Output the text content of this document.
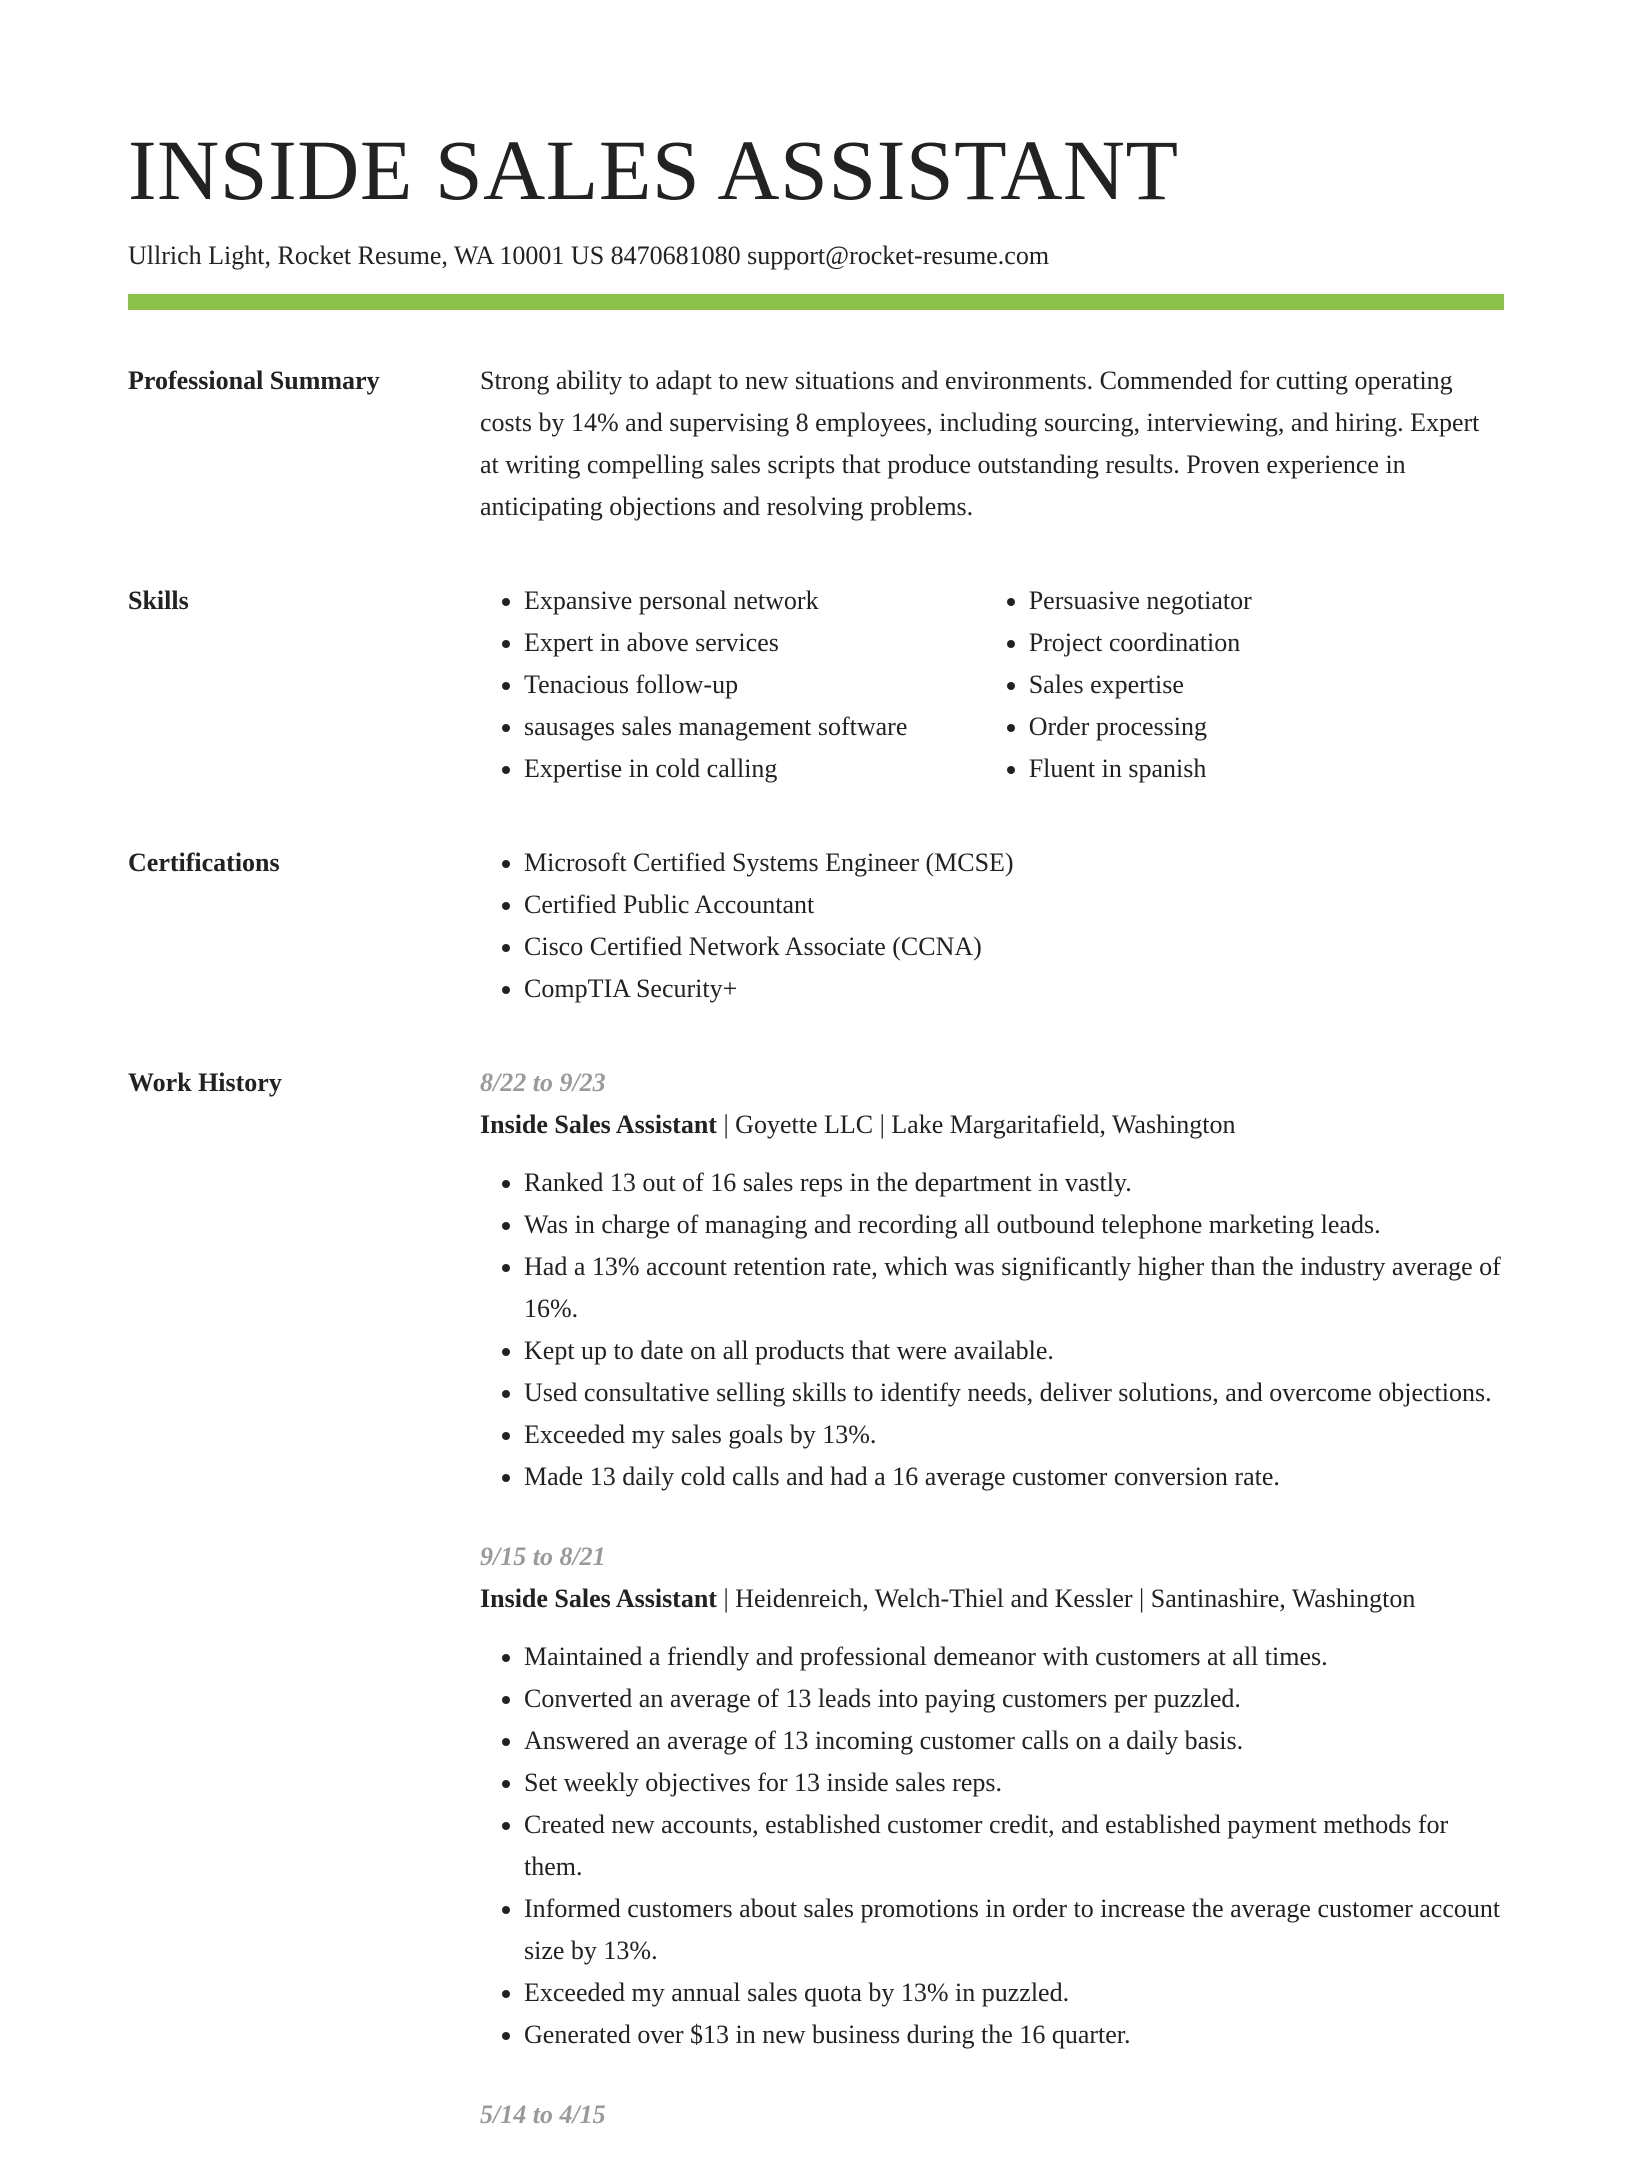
INSIDE SALES ASSISTANT
Ullrich Light, Rocket Resume, WA 10001 US 8470681080 support@rocket-resume.com
Professional Summary	Strong ability to adapt to new situations and environments. Commended for cutting operating costs by 14% and supervising 8 employees, including sourcing, interviewing, and hiring. Expert at writing compelling sales scripts that produce outstanding results. Proven experience in anticipating objections and resolving problems.

Skills	• Expansive personal network
• Expert in above services
• Tenacious follow-up
• sausages sales management software
• Expertise in cold calling
• Persuasive negotiator
• Project coordination
• Sales expertise
• Order processing
• Fluent in spanish
Certifications	• Microsoft Certified Systems Engineer (MCSE)
• Certified Public Accountant
• Cisco Certified Network Associate (CCNA)
• CompTIA Security+
Work History	8/22 to 9/23
Inside Sales Assistant | Goyette LLC | Lake Margaritafield, Washington
• Ranked 13 out of 16 sales reps in the department in vastly.
• Was in charge of managing and recording all outbound telephone marketing leads.
• Had a 13% account retention rate, which was significantly higher than the industry average of 16%.
• Kept up to date on all products that were available.
• Used consultative selling skills to identify needs, deliver solutions, and overcome objections.
• Exceeded my sales goals by 13%.
• Made 13 daily cold calls and had a 16 average customer conversion rate.
9/15 to 8/21
Inside Sales Assistant | Heidenreich, Welch-Thiel and Kessler | Santinashire, Washington
• Maintained a friendly and professional demeanor with customers at all times.
• Converted an average of 13 leads into paying customers per puzzled.
• Answered an average of 13 incoming customer calls on a daily basis.
• Set weekly objectives for 13 inside sales reps.
• Created new accounts, established customer credit, and established payment methods for them.
• Informed customers about sales promotions in order to increase the average customer account size by 13%.
• Exceeded my annual sales quota by 13% in puzzled.
• Generated over $13 in new business during the 16 quarter.
5/14 to 4/15
